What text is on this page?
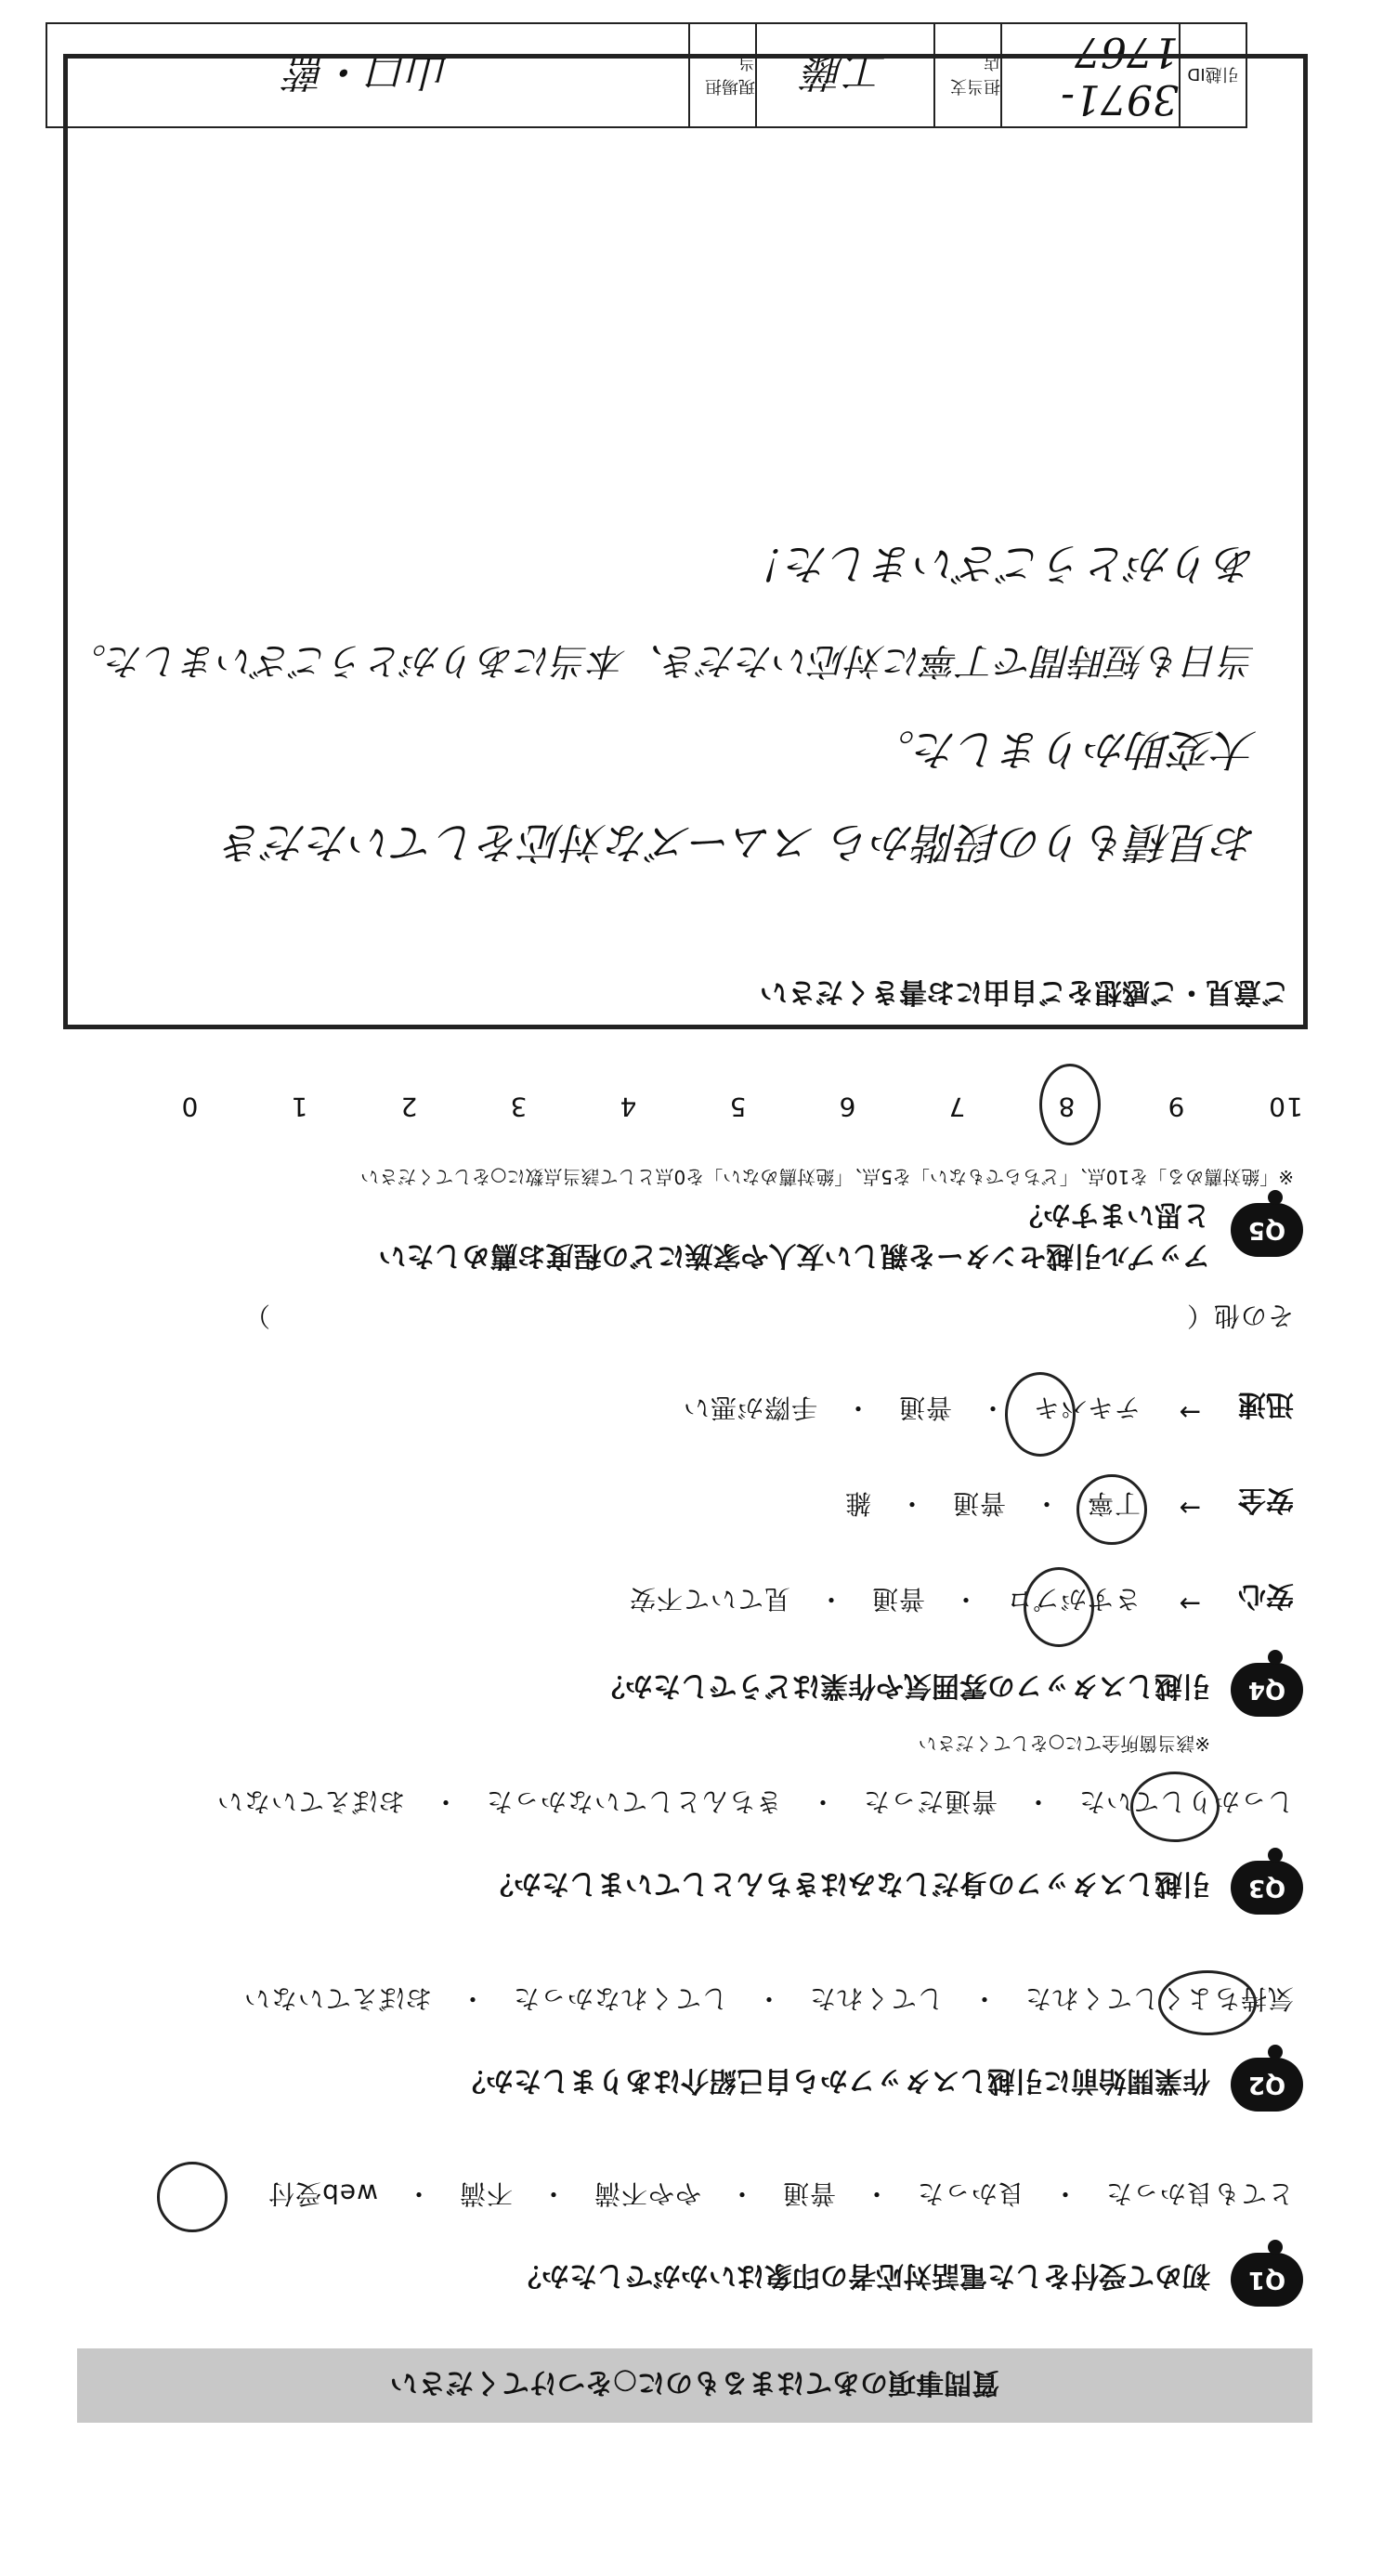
引越ID
3971-1767
担当支店
工藤
現場担当
山口・藍
質問事項のあてはまるものに○をつけてください
Q1
初めて受付をした電話対応者の印象はいかがでしたか？
とても良かった　・　良かった　・　普通　・　やや不満　・　不満　・　web受付
Q2
作業開始前に引越しスタッフから自己紹介はありましたか？
気持ちよくしてくれた　・　してくれた　・　してくれなかった　・　おぼえていない
Q3
引越しスタッフの身だしなみはきちんとしていましたか？
しっかりしていた　・　普通だった　・　きちんとしていなかった　・　おぼえていない
Q4
引越しスタッフの雰囲気や作業はどうでしたか？
※該当箇所全てに○をしてください
安心
→
さすがプロ　・　普通　・　見ていて不安
安全
→
丁寧　・　普通　・　雑
迅速
→
テキパキ　・　普通　・　手際が悪い
その他（　　　　　　　　　　　　　　　　　　　　　　　　　　　　　　　　　　）
Q5
アップル引越センターを親しい友人や家族にどの程度お薦めしたいと思いますか？
※「絶対薦める」を10点、「どちらでもない」を5点、「絶対薦めない」を0点として該当点数に○をしてください
109876543210
ご意見・ご感想をご自由にお書きください
お見積もりの段階から スムーズな対応をしていただき
大変助かりました。
当日も短時間で丁寧に対応いただき、本当にありがとうございました。
ありがとうございました！
